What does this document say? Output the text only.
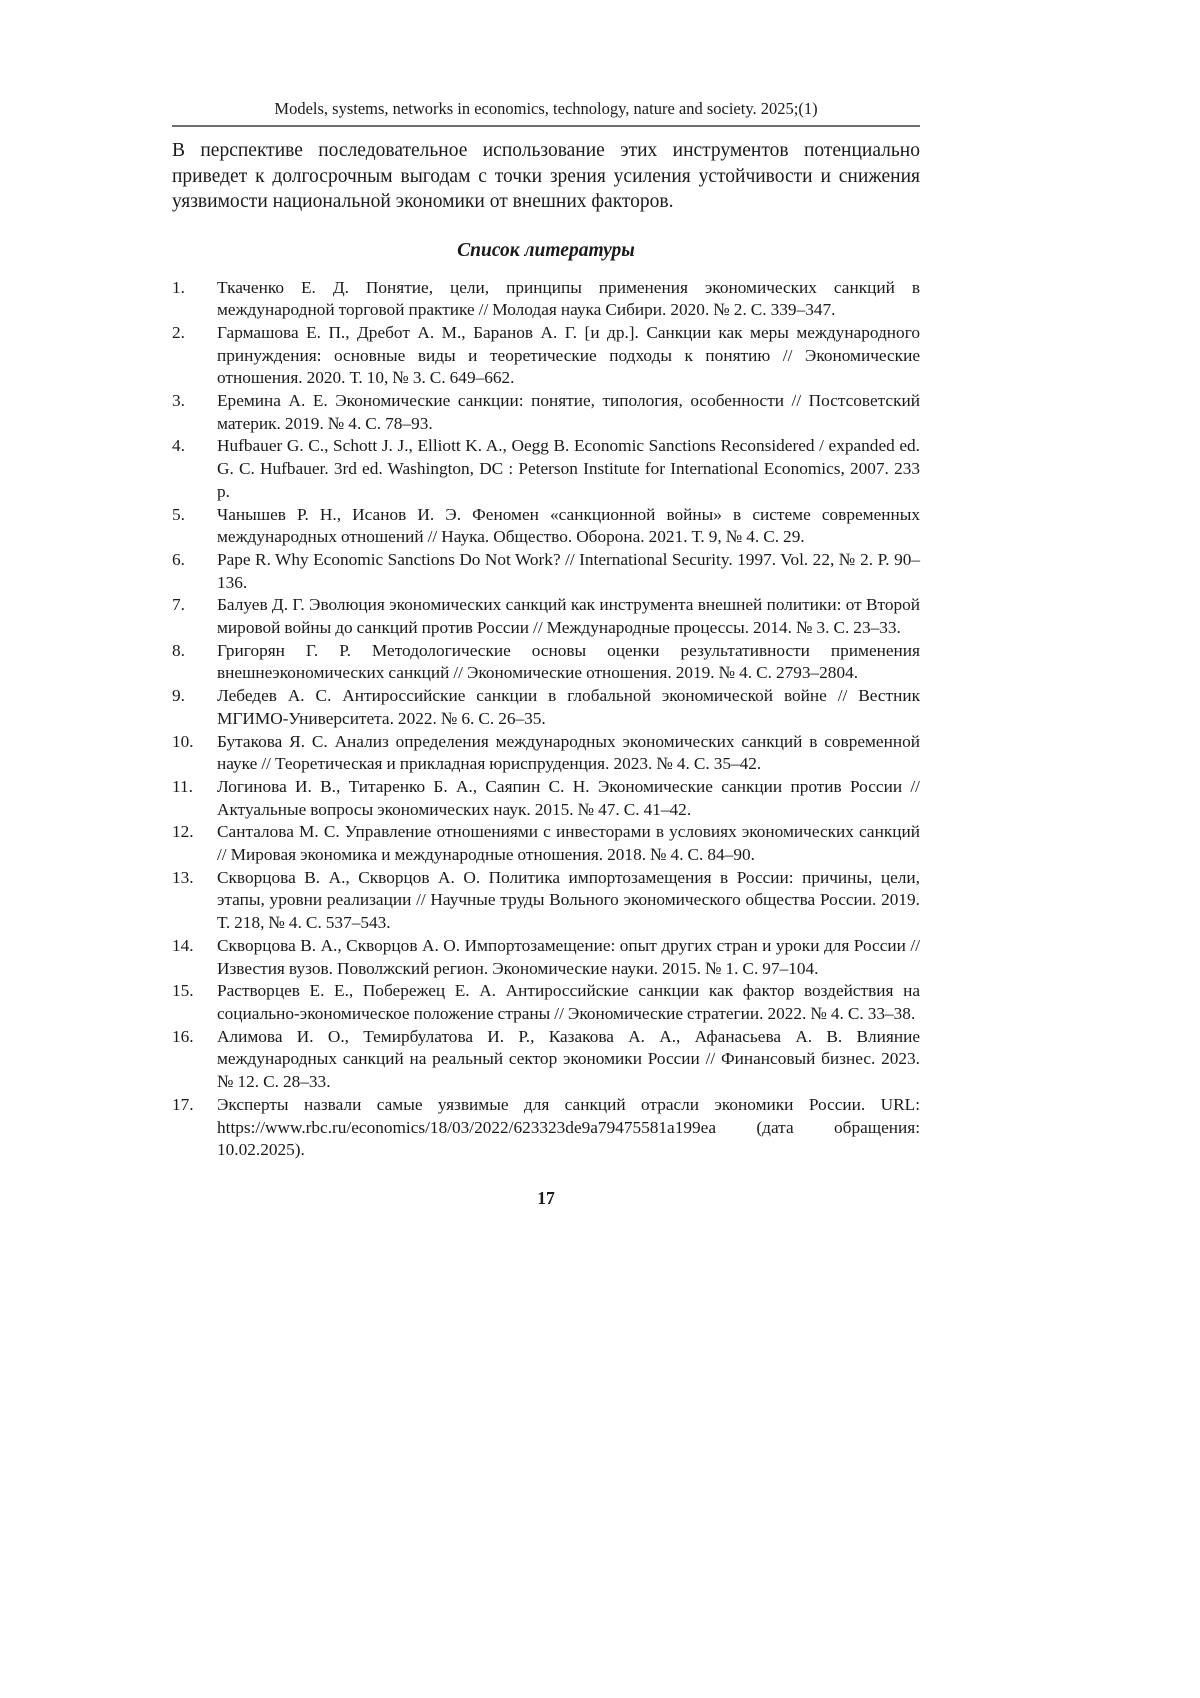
Models, systems, networks in economics, technology, nature and society. 2025;(1)

В перспективе последовательное использование этих инструментов потенциально приведет к долгосрочным выгодам с точки зрения усиления устойчивости и снижения уязвимости национальной экономики от внешних факторов.

Список литературы
1. Ткаченко Е. Д. Понятие, цели, принципы применения экономических санкций в международной торговой практике // Молодая наука Сибири. 2020. № 2. С. 339–347.
2. Гармашова Е. П., Дребот А. М., Баранов А. Г. [и др.]. Санкции как меры международного принуждения: основные виды и теоретические подходы к понятию // Экономические отношения. 2020. Т. 10, № 3. С. 649–662.
3. Еремина А. Е. Экономические санкции: понятие, типология, особенности // Постсоветский материк. 2019. № 4. С. 78–93.
4. Hufbauer G. C., Schott J. J., Elliott K. A., Oegg B. Economic Sanctions Reconsidered / expanded ed. G. C. Hufbauer. 3rd ed. Washington, DC : Peterson Institute for International Economics, 2007. 233 p.
5. Чанышев Р. Н., Исанов И. Э. Феномен «санкционной войны» в системе современных международных отношений // Наука. Общество. Оборона. 2021. Т. 9, № 4. С. 29.
6. Pape R. Why Economic Sanctions Do Not Work? // International Security. 1997. Vol. 22, № 2. P. 90–136.
7. Балуев Д. Г. Эволюция экономических санкций как инструмента внешней политики: от Второй мировой войны до санкций против России // Международные процессы. 2014. № 3. С. 23–33.
8. Григорян Г. Р. Методологические основы оценки результативности применения внешнеэкономических санкций // Экономические отношения. 2019. № 4. С. 2793–2804.
9. Лебедев А. С. Антироссийские санкции в глобальной экономической войне // Вестник МГИМО-Университета. 2022. № 6. С. 26–35.
10. Бутакова Я. С. Анализ определения международных экономических санкций в современной науке // Теоретическая и прикладная юриспруденция. 2023. № 4. С. 35–42.
11. Логинова И. В., Титаренко Б. А., Саяпин С. Н. Экономические санкции против России // Актуальные вопросы экономических наук. 2015. № 47. С. 41–42.
12. Санталова М. С. Управление отношениями с инвесторами в условиях экономических санкций // Мировая экономика и международные отношения. 2018. № 4. С. 84–90.
13. Скворцова В. А., Скворцов А. О. Политика импортозамещения в России: причины, цели, этапы, уровни реализации // Научные труды Вольного экономического общества России. 2019. Т. 218, № 4. С. 537–543.
14. Скворцова В. А., Скворцов А. О. Импортозамещение: опыт других стран и уроки для России // Известия вузов. Поволжский регион. Экономические науки. 2015. № 1. С. 97–104.
15. Растворцев Е. Е., Побережец Е. А. Антироссийские санкции как фактор воздействия на социально-экономическое положение страны // Экономические стратегии. 2022. № 4. С. 33–38.
16. Алимова И. О., Темирбулатова И. Р., Казакова А. А., Афанасьева А. В. Влияние международных санкций на реальный сектор экономики России // Финансовый бизнес. 2023. № 12. С. 28–33.
17. Эксперты назвали самые уязвимые для санкций отрасли экономики России. URL: https://www.rbc.ru/economics/18/03/2022/623323de9a79475581a199ea (дата обращения: 10.02.2025).
17
